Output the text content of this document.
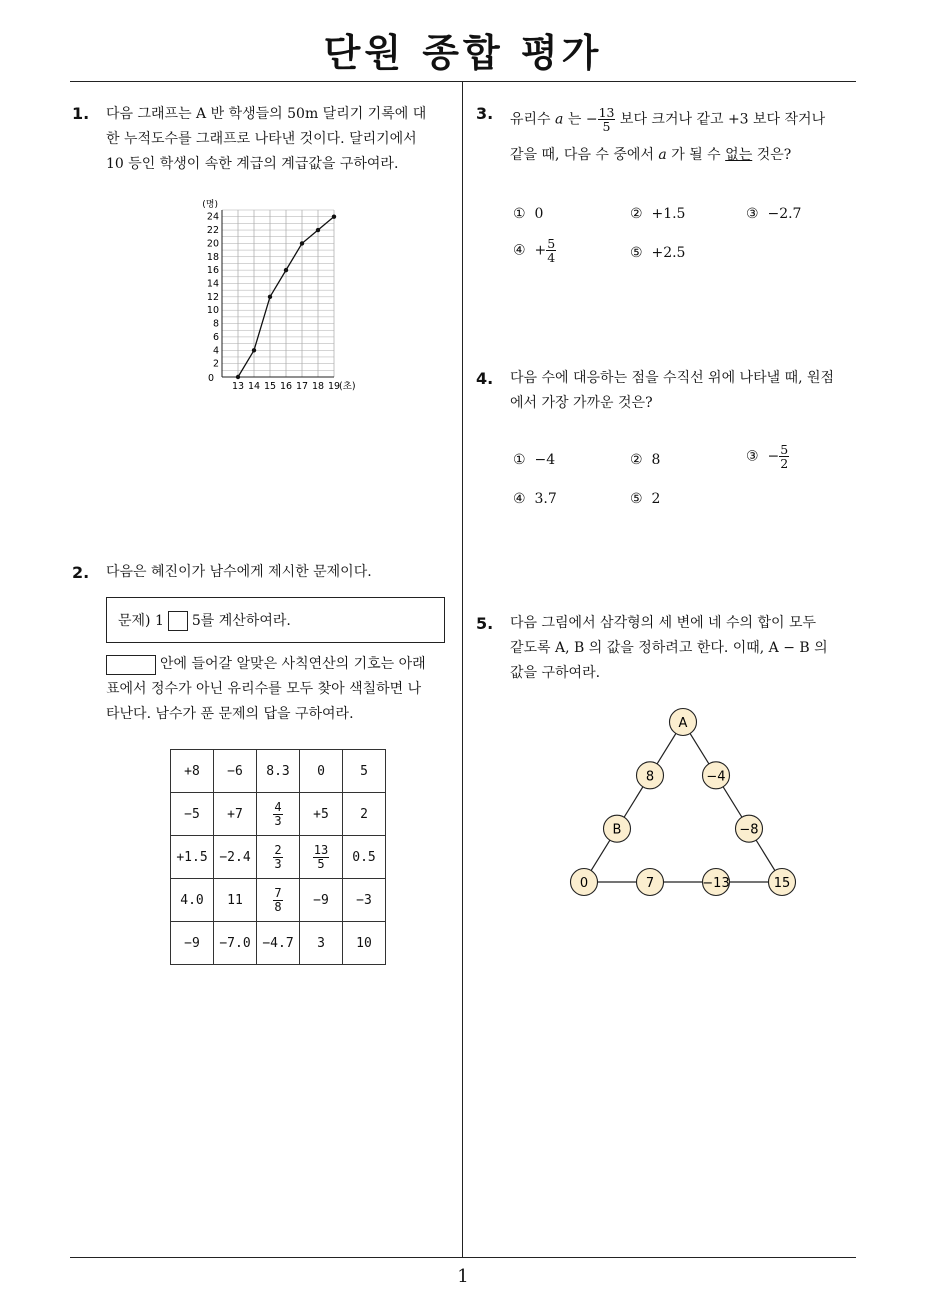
단원 종합 평가
1
1. 다음 그래프는 A 반 학생들의 50m 달리기 기록에 대
한 누적도수를 그래프로 나타낸 것이다. 달리기에서
10 등인 학생이 속한 계급의 계급값을 구하여라.
0
2
4
6
8
10
12
14
16
18
20
22
24
(명)
13 14 15 16 17 18 19
(초)
2. 다음은 혜진이가 남수에게 제시한 문제이다.
문제) 1 5를 계산하여라.
안에 들어갈 알맞은 사칙연산의 기호는 아래
표에서 정수가 아닌 유리수를 모두 찾아 색칠하면 나
타난다. 남수가 푼 문제의 답을 구하여라.
+8	−6	8.3	0	5
−5	+7	$\frac{4}{3}$	+5	2
+1.5	−2.4	$\frac{2}{3}$	$\frac{13}{5}$	0.5
4.0	11	$\frac{7}{8}$	−9	−3
−9	−7.0	−4.7	3	10
3. 유리수 a 는 − $\frac{13}{5}$ 보다 크거나 같고 +3 보다 작거나
같을 때, 다음 수 중에서 a 가 될 수 없는 것은?
① 0	② +1.5	③ −2.7
④ + $\frac{5}{4}$	⑤ +2.5
4. 다음 수에 대응하는 점을 수직선 위에 나타낼 때, 원점
에서 가장 가까운 것은?
① −4	② 8	③ − $\frac{5}{2}$
④ 3.7	⑤ 2
5. 다음 그림에서 삼각형의 세 변에 네 수의 합이 모두
같도록 A, B 의 값을 정하려고 한다. 이때, A − B 의
값을 구하여라.
A
8
B
−4
−8
0	7	−13	15
